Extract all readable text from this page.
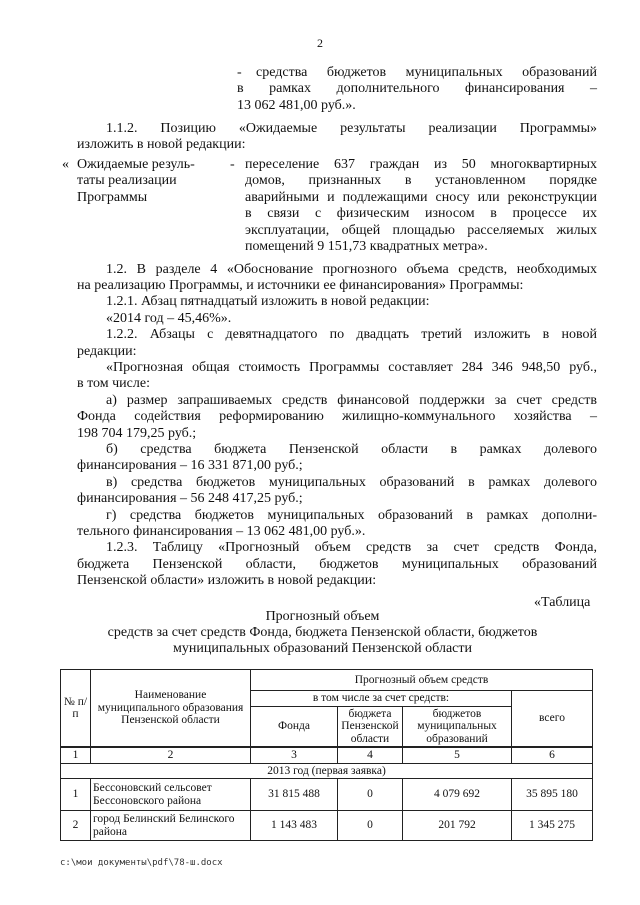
2
- средства бюджетов муниципальных образований
в рамках дополнительного финансирования –
13 062 481,00 руб.».
1.1.2. Позицию «Ожидаемые результаты реализации Программы»
изложить в новой редакции:
« Ожидаемые резуль-
таты реализации
Программы
- переселение 637 граждан из 50 многоквартирных
домов, признанных в установленном порядке
аварийными и подлежащими сносу или реконструкции
в связи с физическим износом в процессе их
эксплуатации, общей площадью расселяемых жилых
помещений 9 151,73 квадратных метра».
1.2. В разделе 4 «Обоснование прогнозного объема средств, необходимых
на реализацию Программы, и источники ее финансирования» Программы:
1.2.1. Абзац пятнадцатый изложить в новой редакции:
«2014 год – 45,46%».
1.2.2. Абзацы с девятнадцатого по двадцать третий изложить в новой
редакции:
«Прогнозная общая стоимость Программы составляет 284 346 948,50 руб.,
в том числе:
а) размер запрашиваемых средств финансовой поддержки за счет средств
Фонда содействия реформированию жилищно-коммунального хозяйства –
198 704 179,25 руб.;
б) средства бюджета Пензенской области в рамках долевого
финансирования – 16 331 871,00 руб.;
в) средства бюджетов муниципальных образований в рамках долевого
финансирования – 56 248 417,25 руб.;
г) средства бюджетов муниципальных образований в рамках дополни-
тельного финансирования – 13 062 481,00 руб.».
1.2.3. Таблицу «Прогнозный объем средств за счет средств Фонда,
бюджета Пензенской области, бюджетов муниципальных образований
Пензенской области» изложить в новой редакции:
«Таблица
Прогнозный объем
средств за счет средств Фонда, бюджета Пензенской области, бюджетов
муниципальных образований Пензенской области
№ п/п	Наименование муниципального образования Пензенской области	Прогнозный объем средств			
		в том числе за счет средств:			всего
		Фонда	бюджета Пензенской области	бюджетов муниципальных образований	
1	2	3	4	5	6
2013 год (первая заявка)					
1	Бессоновский сельсовет Бессоновского района	31 815 488	0	4 079 692	35 895 180
2	город Белинский Белинского района	1 143 483	0	201 792	1 345 275
c:\мои документы\pdf\78-ш.docx
